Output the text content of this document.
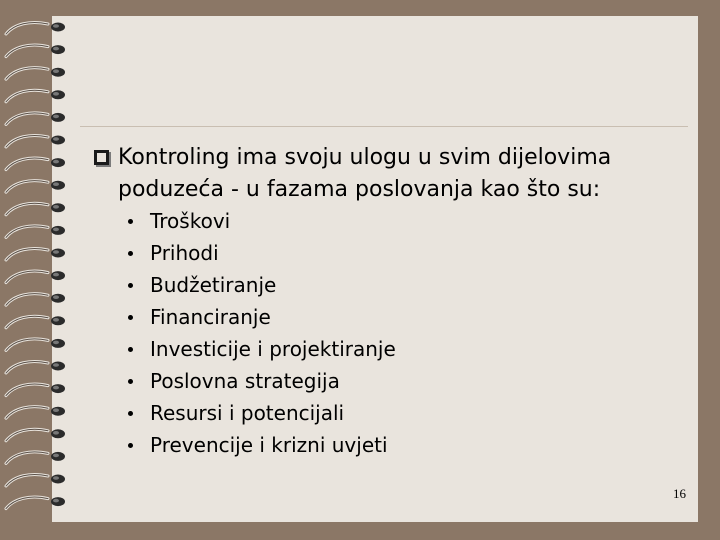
Kontroling ima svoju ulogu u svim dijelovima
poduzeća - u fazama poslovanja kao što su:
Troškovi
Prihodi
Budžetiranje
Financiranje
Investicije i projektiranje
Poslovna strategija
Resursi i potencijali
Prevencije i krizni uvjeti
16
